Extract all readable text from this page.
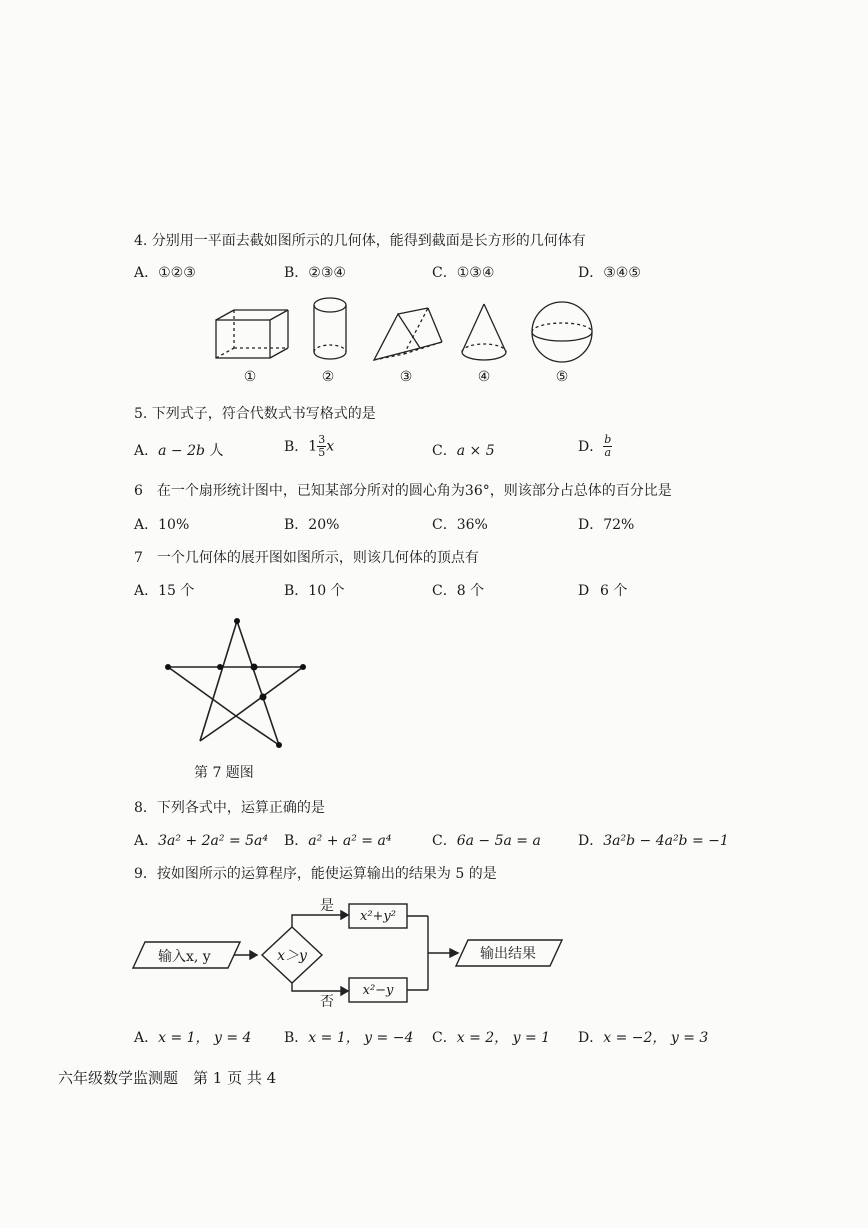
4. 分别用一平面去截如图所示的几何体，能得到截面是长方形的几何体有
A．①②③	B．②③④	C．①③④	D．③④⑤
①	②	③	④	⑤
5. 下列式子，符合代数式书写格式的是
A．a − 2b 人	B．$1 \frac{3}{5}$ x	C．a × 5	D． $\frac{b}{a}$
6　在一个扇形统计图中，已知某部分所对的圆心角为36°，则该部分占总体的百分比是
A．10%	B．20%	C．36%	D．72%
7　一个几何体的展开图如图所示，则该几何体的顶点有
A．15 个	B．10 个	C．8 个	D 6 个
第 7 题图
8．下列各式中，运算正确的是
A．3a² + 2a² = 5a⁴ B．a² + a² = a⁴	C．6a − 5a = a	D．3a²b − 4a²b = −1
9．按如图所示的运算程序，能使运算输出的结果为 5 的是
输入x, y	x＞y
是
否
x²+y²
x²−y
输出结果
A．x = 1， y = 4 B．x = 1， y = −4 C．x = 2， y = 1 D．x = −2， y = 3
六年级数学监测题　第 1 页 共 4
